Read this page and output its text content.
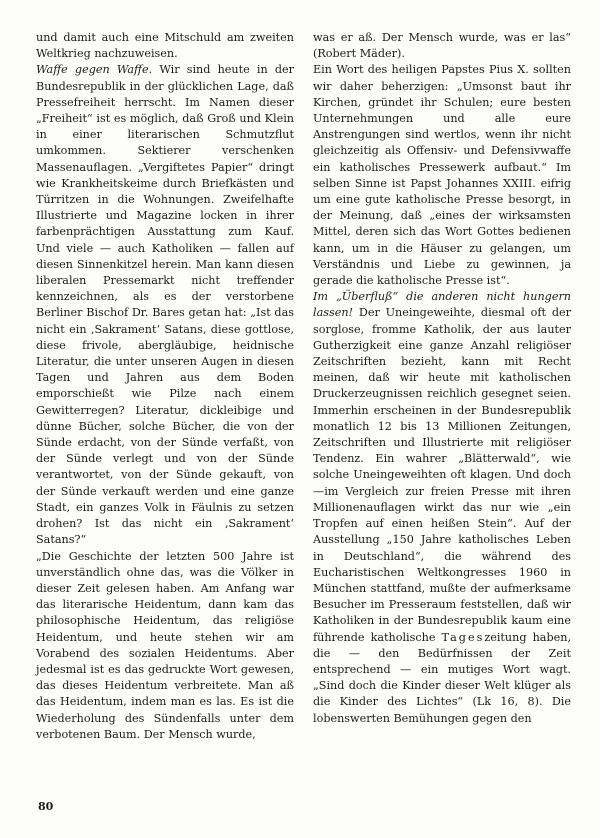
und damit auch eine Mitschuld am zweiten Weltkrieg nachzuweisen.

Waffe gegen Waffe. Wir sind heute in der Bundesrepublik in der glücklichen Lage, daß Pressefreiheit herrscht. Im Namen dieser „Freiheit“ ist es möglich, daß Groß und Klein in einer literarischen Schmutzflut umkommen. Sektierer verschenken Massenauflagen. „Vergiftetes Papier“ dringt wie Krankheitskeime durch Briefkästen und Türritzen in die Wohnungen. Zweifelhafte Illustrierte und Magazine locken in ihrer farbenprächtigen Ausstattung zum Kauf. Und viele — auch Katholiken — fallen auf diesen Sinnenkitzel herein. Man kann diesen liberalen Pressemarkt nicht treffender kennzeichnen, als es der verstorbene Berliner Bischof Dr. Bares getan hat: „Ist das nicht ein ‚Sakrament‘ Satans, diese gottlose, diese frivole, abergläubige, heidnische Literatur, die unter unseren Augen in diesen Tagen und Jahren aus dem Boden emporschießt wie Pilze nach einem Gewitterregen? Literatur, dickleibige und dünne Bücher, solche Bücher, die von der Sünde erdacht, von der Sünde verfaßt, von der Sünde verlegt und von der Sünde verantwortet, von der Sünde gekauft, von der Sünde verkauft werden und eine ganze Stadt, ein ganzes Volk in Fäulnis zu setzen drohen? Ist das nicht ein ‚Sakrament‘ Satans?“

„Die Geschichte der letzten 500 Jahre ist unverständlich ohne das, was die Völker in dieser Zeit gelesen haben. Am Anfang war das literarische Heidentum, dann kam das philosophische Heidentum, das religiöse Heidentum, und heute stehen wir am Vorabend des sozialen Heidentums. Aber jedesmal ist es das gedruckte Wort gewesen, das dieses Heidentum verbreitete. Man aß das Heidentum, indem man es las. Es ist die Wiederholung des Sündenfalls unter dem verbotenen Baum. Der Mensch wurde,

was er aß. Der Mensch wurde, was er las“ (Robert Mäder).

Ein Wort des heiligen Papstes Pius X. sollten wir daher beherzigen: „Umsonst baut ihr Kirchen, gründet ihr Schulen; eure besten Unternehmungen und alle eure Anstrengungen sind wertlos, wenn ihr nicht gleichzeitig als Offensiv- und Defensivwaffe ein katholisches Pressewerk aufbaut.“ Im selben Sinne ist Papst Johannes XXIII. eifrig um eine gute katholische Presse besorgt, in der Meinung, daß „eines der wirksamsten Mittel, deren sich das Wort Gottes bedienen kann, um in die Häuser zu gelangen, um Verständnis und Liebe zu gewinnen, ja gerade die katholische Presse ist“.

Im „Überfluß“ die anderen nicht hungern lassen! Der Uneingeweihte, diesmal oft der sorglose, fromme Katholik, der aus lauter Gutherzigkeit eine ganze Anzahl religiöser Zeitschriften bezieht, kann mit Recht meinen, daß wir heute mit katholischen Druckerzeugnissen reichlich gesegnet seien. Immerhin erscheinen in der Bundesrepublik monatlich 12 bis 13 Millionen Zeitungen, Zeitschriften und Illustrierte mit religiöser Tendenz. Ein wahrer „Blätterwald“, wie solche Uneingeweihten oft klagen. Und doch —im Vergleich zur freien Presse mit ihren Millionenauflagen wirkt das nur wie „ein Tropfen auf einen heißen Stein“. Auf der Ausstellung „150 Jahre katholisches Leben in Deutschland“, die während des Eucharistischen Weltkongresses 1960 in München stattfand, mußte der aufmerksame Besucher im Presseraum feststellen, daß wir Katholiken in der Bundesrepublik kaum eine führende katholische Tageszeitung haben, die — den Bedürfnissen der Zeit entsprechend — ein mutiges Wort wagt. „Sind doch die Kinder dieser Welt klüger als die Kinder des Lichtes“ (Lk 16, 8). Die lobenswerten Bemühungen gegen den

80
